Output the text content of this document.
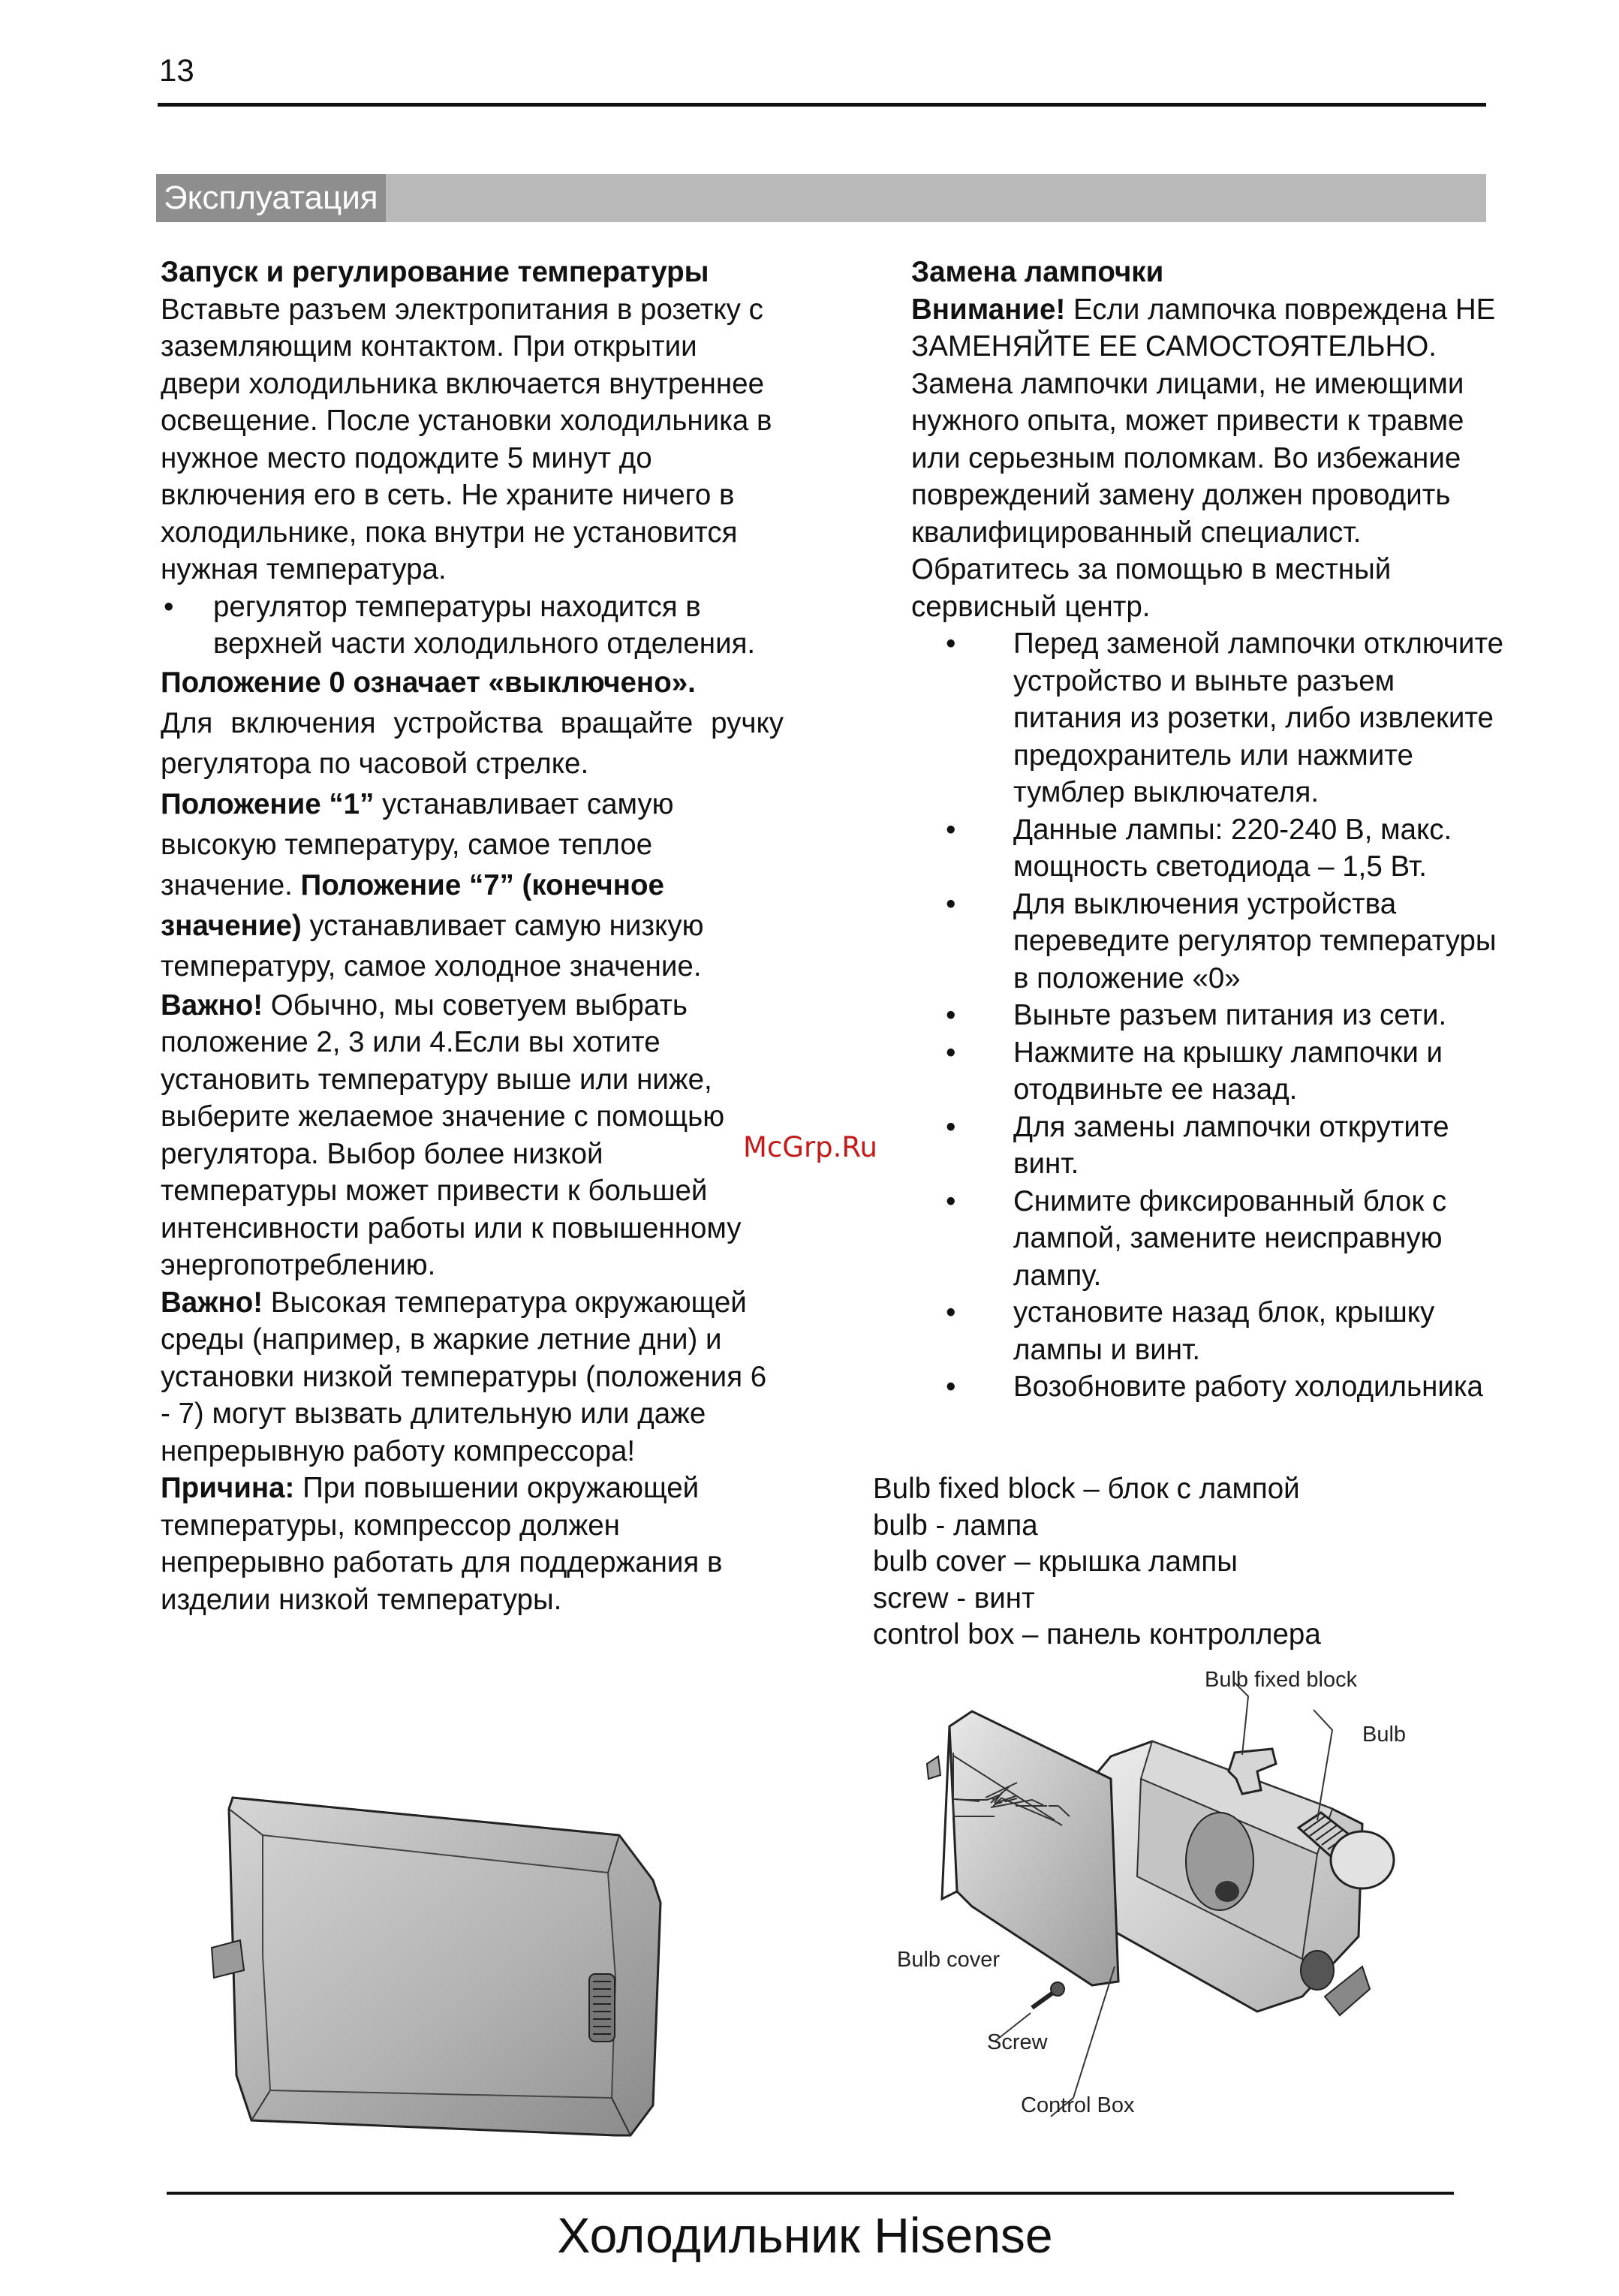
13
Эксплуатация

Запуск и регулирование температуры

Вставьте разъем электропитания в розетку с заземляющим контактом. При открытии двери холодильника включается внутреннее освещение. После установки холодильника в нужное место подождите 5 минут до включения его в сеть. Не храните ничего в холодильнике, пока внутри не установится нужная температура.

• регулятор температуры находится в верхней части холодильного отделения.

Положение 0 означает «выключено».

Для включения устройства вращайте ручку регулятора по часовой стрелке.

Положение “1” устанавливает самую высокую температуру, самое теплое значение. Положение “7” (конечное значение) устанавливает самую низкую температуру, самое холодное значение.

Важно! Обычно, мы советуем выбрать положение 2, 3 или 4.Если вы хотите установить температуру выше или ниже, выберите желаемое значение с помощью регулятора. Выбор более низкой температуры может привести к большей интенсивности работы или к повышенному энергопотреблению.

Важно! Высокая температура окружающей среды (например, в жаркие летние дни) и установки низкой температуры (положения 6 - 7) могут вызвать длительную или даже непрерывную работу компрессора!

Причина: При повышении окружающей температуры, компрессор должен непрерывно работать для поддержания в изделии низкой температуры.

Замена лампочки

Внимание! Если лампочка повреждена НЕ ЗАМЕНЯЙТЕ ЕЕ САМОСТОЯТЕЛЬНО. Замена лампочки лицами, не имеющими нужного опыта, может привести к травме или серьезным поломкам. Во избежание повреждений замену должен проводить квалифицированный специалист. Обратитесь за помощью в местный сервисный центр.

• Перед заменой лампочки отключите устройство и выньте разъем питания из розетки, либо извлеките предохранитель или нажмите тумблер выключателя.
• Данные лампы: 220-240 В, макс. мощность светодиода – 1,5 Вт.
• Для выключения устройства переведите регулятор температуры в положение «0»
• Выньте разъем питания из сети.
• Нажмите на крышку лампочки и отодвиньте ее назад.
• Для замены лампочки открутите винт.
• Снимите фиксированный блок с лампой, замените неисправную лампу.
• установите назад блок, крышку лампы и винт.
• Возобновите работу холодильника
Bulb fixed block – блок с лампой
bulb - лампа
bulb cover – крышка лампы
screw - винт
control box – панель контроллера
McGrp.Ru
Bulb fixed block
Bulb
Bulb cover
Screw
Control Box
Холодильник Hisense
